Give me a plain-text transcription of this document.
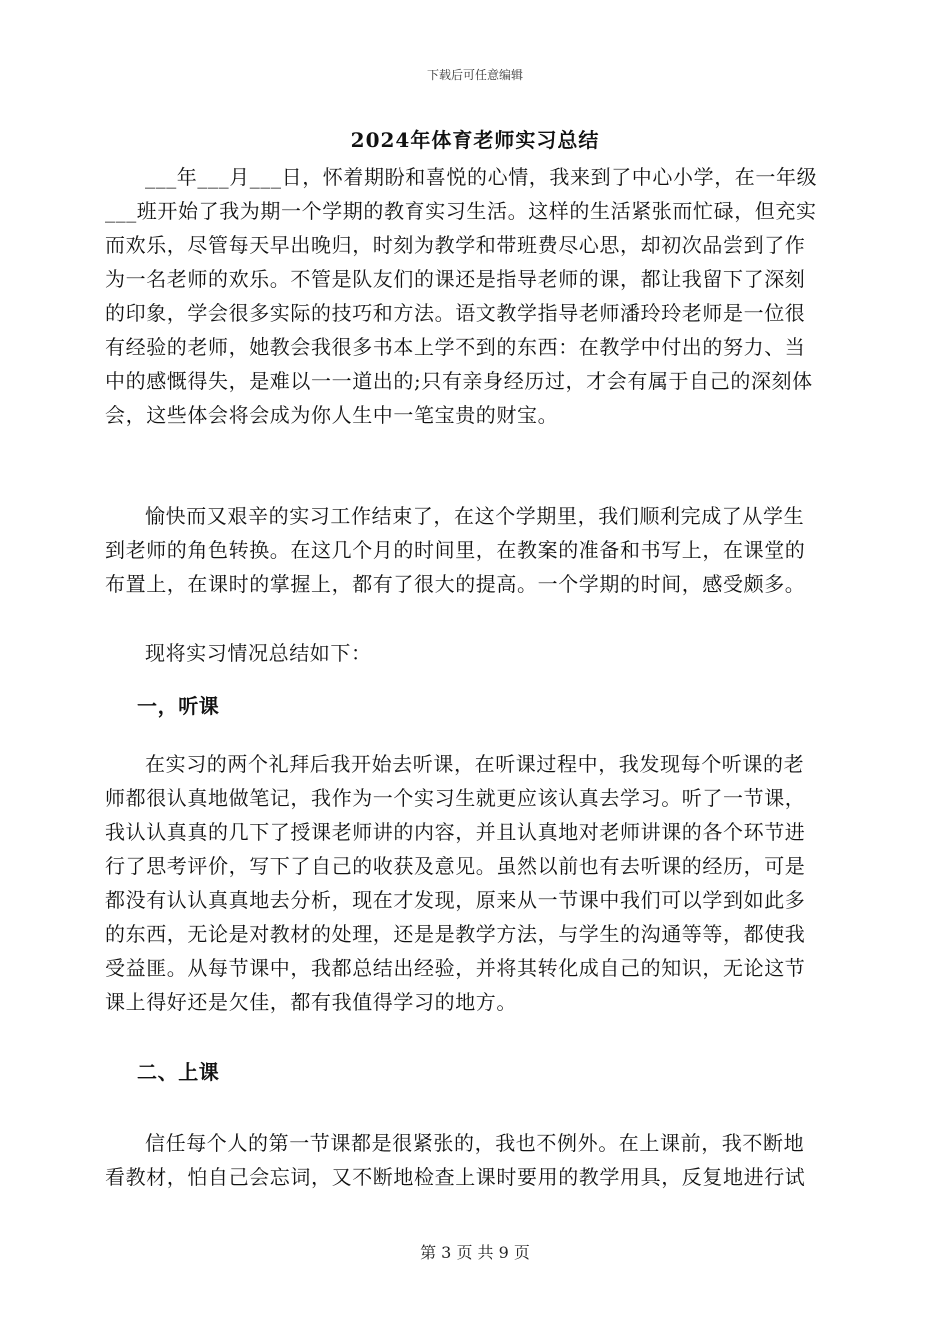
下载后可任意编辑
2024年体育老师实习总结

___年___月___日，怀着期盼和喜悦的心情，我来到了中心小学，在一年级
___班开始了我为期一个学期的教育实习生活。这样的生活紧张而忙碌，但充实
而欢乐，尽管每天早出晚归，时刻为教学和带班费尽心思，却初次品尝到了作
为一名老师的欢乐。不管是队友们的课还是指导老师的课，都让我留下了深刻
的印象，学会很多实际的技巧和方法。语文教学指导老师潘玲玲老师是一位很
有经验的老师，她教会我很多书本上学不到的东西：在教学中付出的努力、当
中的感慨得失，是难以一一道出的;只有亲身经历过，才会有属于自己的深刻体
会，这些体会将会成为你人生中一笔宝贵的财宝。

愉快而又艰辛的实习工作结束了，在这个学期里，我们顺利完成了从学生
到老师的角色转换。在这几个月的时间里，在教案的准备和书写上，在课堂的
布置上，在课时的掌握上，都有了很大的提高。一个学期的时间，感受颇多。

现将实习情况总结如下：

一，听课

在实习的两个礼拜后我开始去听课，在听课过程中，我发现每个听课的老
师都很认真地做笔记，我作为一个实习生就更应该认真去学习。听了一节课，
我认认真真的几下了授课老师讲的内容，并且认真地对老师讲课的各个环节进
行了思考评价，写下了自己的收获及意见。虽然以前也有去听课的经历，可是
都没有认认真真地去分析，现在才发现，原来从一节课中我们可以学到如此多
的东西，无论是对教材的处理，还是是教学方法，与学生的沟通等等，都使我
受益匪。从每节课中，我都总结出经验，并将其转化成自己的知识，无论这节
课上得好还是欠佳，都有我值得学习的地方。

二、上课

信任每个人的第一节课都是很紧张的，我也不例外。在上课前，我不断地
看教材，怕自己会忘词，又不断地检查上课时要用的教学用具，反复地进行试

第 3 页 共 9 页
